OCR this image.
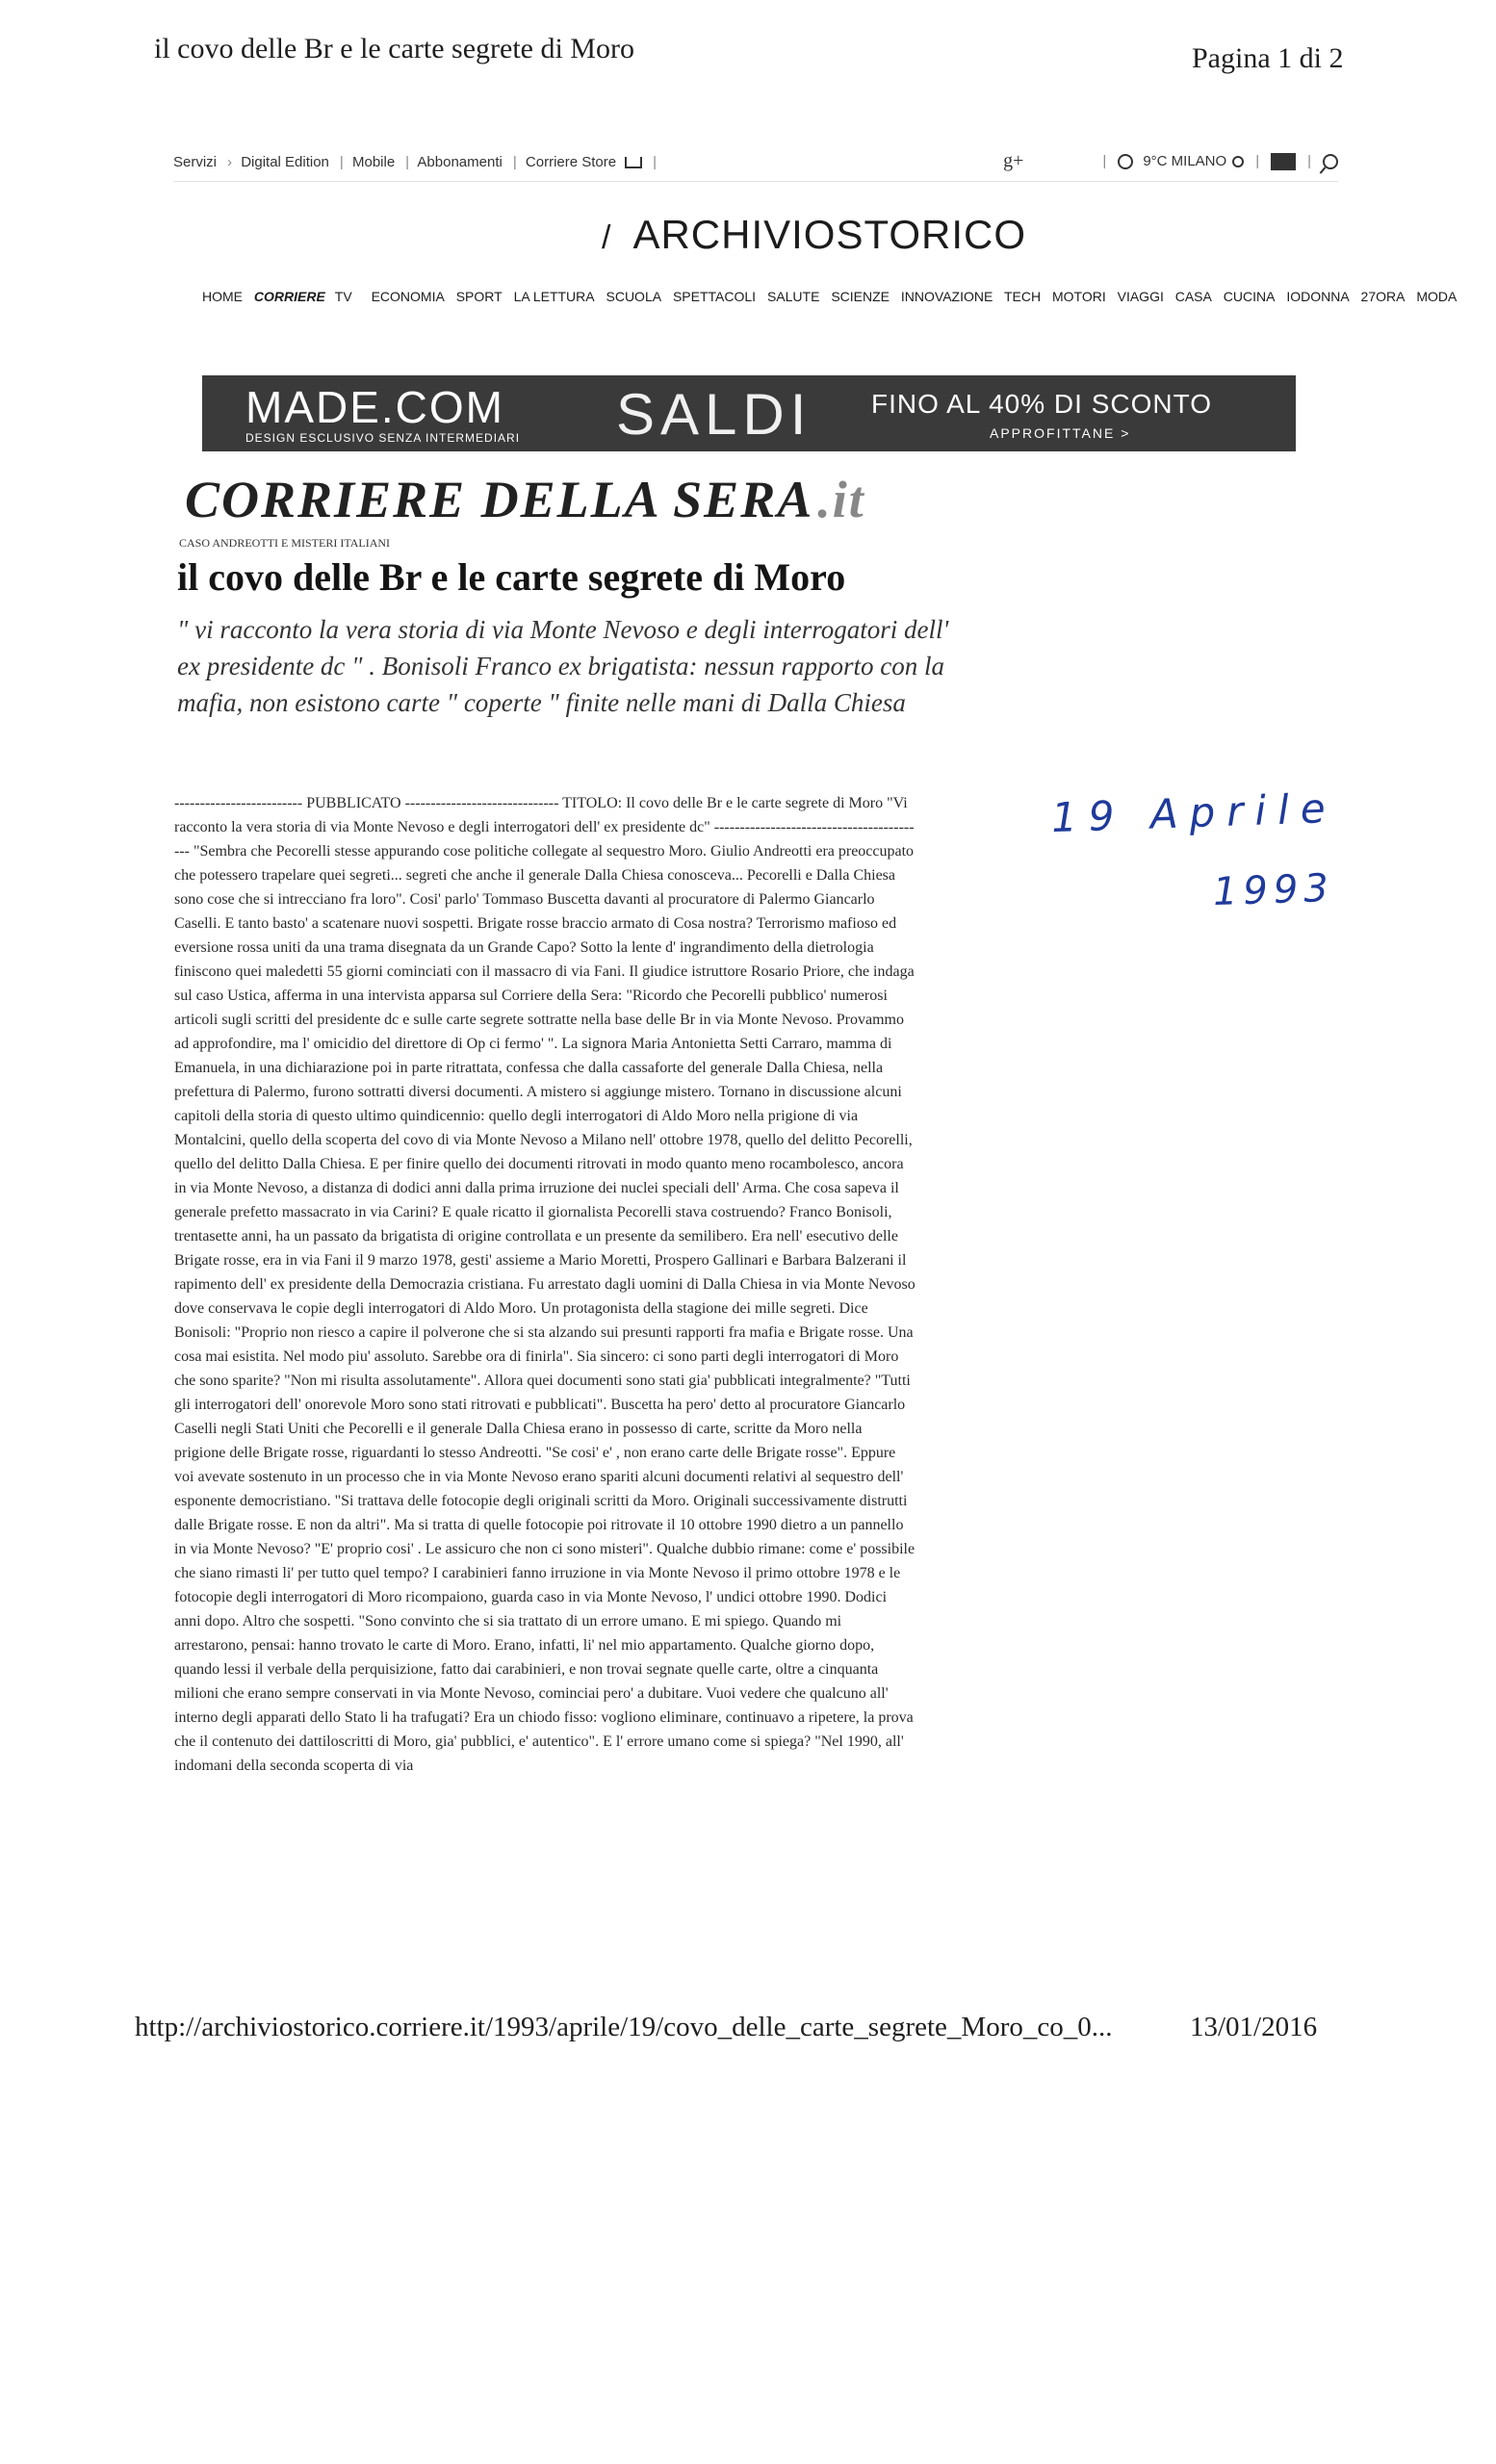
il covo delle Br e le carte segrete di Moro	Pagina 1 di 2
Servizi › Digital Edition | Mobile | Abbonamenti | Corriere Store	|	g+	|	9°C MILANO |	|
/ ARCHIVIOSTORICO
HOME CORRIERE TV ECONOMIA SPORT LA LETTURA SCUOLA SPETTACOLI SALUTE SCIENZE INNOVAZIONE TECH MOTORI VIAGGI CASA CUCINA IODONNA 27ORA MODA
MADE.COM
DESIGN ESCLUSIVO SENZA INTERMEDIARI SALDI FINO AL 40% DI SCONTO
APPROFITTANE >
CORRIERE DELLA SERA.it
CASO ANDREOTTI E MISTERI ITALIANI
il covo delle Br e le carte segrete di Moro
" vi racconto la vera storia di via Monte Nevoso e degli interrogatori dell' ex presidente dc " . Bonisoli Franco ex brigatista: nessun rapporto con la mafia, non esistono carte " coperte " finite nelle mani di Dalla Chiesa
------------------------- PUBBLICATO ------------------------------ TITOLO: Il covo delle Br e le carte segrete di Moro "Vi racconto la vera storia di via Monte Nevoso e degli interrogatori dell' ex presidente dc" ------------------------------------------ "Sembra che Pecorelli stesse appurando cose politiche collegate al sequestro Moro. Giulio Andreotti era preoccupato che potessero trapelare quei segreti... segreti che anche il generale Dalla Chiesa conosceva... Pecorelli e Dalla Chiesa sono cose che si intrecciano fra loro". Cosi' parlo' Tommaso Buscetta davanti al procuratore di Palermo Giancarlo Caselli. E tanto basto' a scatenare nuovi sospetti. Brigate rosse braccio armato di Cosa nostra? Terrorismo mafioso ed eversione rossa uniti da una trama disegnata da un Grande Capo? Sotto la lente d' ingrandimento della dietrologia finiscono quei maledetti 55 giorni cominciati con il massacro di via Fani. Il giudice istruttore Rosario Priore, che indaga sul caso Ustica, afferma in una intervista apparsa sul Corriere della Sera: "Ricordo che Pecorelli pubblico' numerosi articoli sugli scritti del presidente dc e sulle carte segrete sottratte nella base delle Br in via Monte Nevoso. Provammo ad approfondire, ma l' omicidio del direttore di Op ci fermo' ". La signora Maria Antonietta Setti Carraro, mamma di Emanuela, in una dichiarazione poi in parte ritrattata, confessa che dalla cassaforte del generale Dalla Chiesa, nella prefettura di Palermo, furono sottratti diversi documenti. A mistero si aggiunge mistero. Tornano in discussione alcuni capitoli della storia di questo ultimo quindicennio: quello degli interrogatori di Aldo Moro nella prigione di via Montalcini, quello della scoperta del covo di via Monte Nevoso a Milano nell' ottobre 1978, quello del delitto Pecorelli, quello del delitto Dalla Chiesa. E per finire quello dei documenti ritrovati in modo quanto meno rocambolesco, ancora in via Monte Nevoso, a distanza di dodici anni dalla prima irruzione dei nuclei speciali dell' Arma. Che cosa sapeva il generale prefetto massacrato in via Carini? E quale ricatto il giornalista Pecorelli stava costruendo? Franco Bonisoli, trentasette anni, ha un passato da brigatista di origine controllata e un presente da semilibero. Era nell' esecutivo delle Brigate rosse, era in via Fani il 9 marzo 1978, gesti' assieme a Mario Moretti, Prospero Gallinari e Barbara Balzerani il rapimento dell' ex presidente della Democrazia cristiana. Fu arrestato dagli uomini di Dalla Chiesa in via Monte Nevoso dove conservava le copie degli interrogatori di Aldo Moro. Un protagonista della stagione dei mille segreti. Dice Bonisoli: "Proprio non riesco a capire il polverone che si sta alzando sui presunti rapporti fra mafia e Brigate rosse. Una cosa mai esistita. Nel modo piu' assoluto. Sarebbe ora di finirla". Sia sincero: ci sono parti degli interrogatori di Moro che sono sparite? "Non mi risulta assolutamente". Allora quei documenti sono stati gia' pubblicati integralmente? "Tutti gli interrogatori dell' onorevole Moro sono stati ritrovati e pubblicati". Buscetta ha pero' detto al procuratore Giancarlo Caselli negli Stati Uniti che Pecorelli e il generale Dalla Chiesa erano in possesso di carte, scritte da Moro nella prigione delle Brigate rosse, riguardanti lo stesso Andreotti. "Se cosi' e' , non erano carte delle Brigate rosse". Eppure voi avevate sostenuto in un processo che in via Monte Nevoso erano spariti alcuni documenti relativi al sequestro dell' esponente democristiano. "Si trattava delle fotocopie degli originali scritti da Moro. Originali successivamente distrutti dalle Brigate rosse. E non da altri". Ma si tratta di quelle fotocopie poi ritrovate il 10 ottobre 1990 dietro a un pannello in via Monte Nevoso? "E' proprio cosi' . Le assicuro che non ci sono misteri". Qualche dubbio rimane: come e' possibile che siano rimasti li' per tutto quel tempo? I carabinieri fanno irruzione in via Monte Nevoso il primo ottobre 1978 e le fotocopie degli interrogatori di Moro ricompaiono, guarda caso in via Monte Nevoso, l' undici ottobre 1990. Dodici anni dopo. Altro che sospetti. "Sono convinto che si sia trattato di un errore umano. E mi spiego. Quando mi arrestarono, pensai: hanno trovato le carte di Moro. Erano, infatti, li' nel mio appartamento. Qualche giorno dopo, quando lessi il verbale della perquisizione, fatto dai carabinieri, e non trovai segnate quelle carte, oltre a cinquanta milioni che erano sempre conservati in via Monte Nevoso, cominciai pero' a dubitare. Vuoi vedere che qualcuno all' interno degli apparati dello Stato li ha trafugati? Era un chiodo fisso: vogliono eliminare, continuavo a ripetere, la prova che il contenuto dei dattiloscritti di Moro, gia' pubblici, e' autentico". E l' errore umano come si spiega? "Nel 1990, all' indomani della seconda scoperta di via
19 Aprile
1993
http://archiviostorico.corriere.it/1993/aprile/19/covo_delle_carte_segrete_Moro_co_0...	13/01/2016
